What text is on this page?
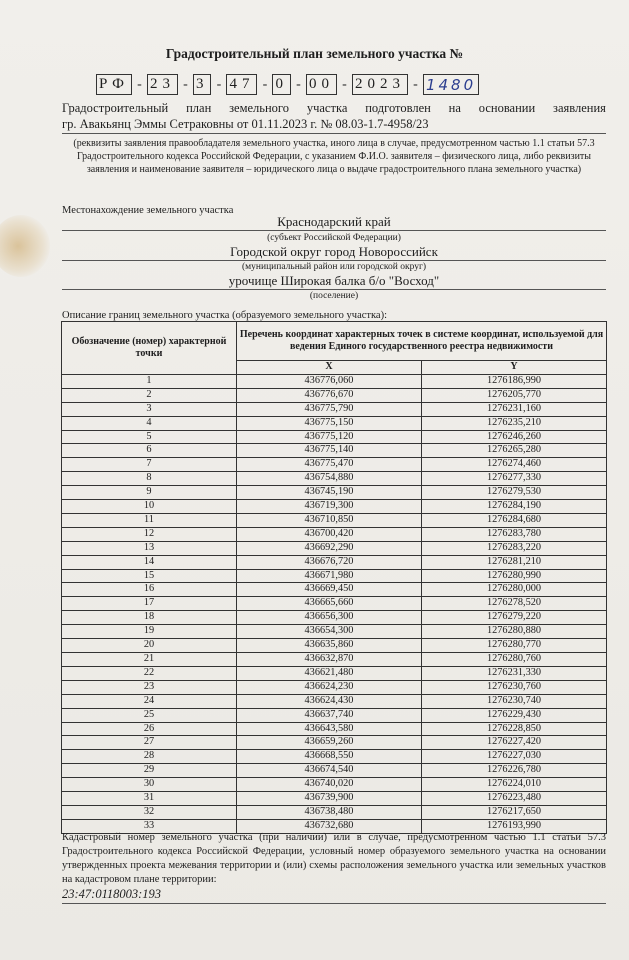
Градостроительный план земельного участка №
РФ - 23 - 3 - 47 - 0 - 00 - 2023 - 1480
Градостроительный план земельного участка подготовлен на основании заявления
гр. Авакьянц Эммы Сетраковны от 01.11.2023 г. № 08.03-1.7-4958/23
(реквизиты заявления правообладателя земельного участка, иного лица в случае, предусмотренном частью 1.1 статьи 57.3 Градостроительного кодекса Российской Федерации, с указанием Ф.И.О. заявителя – физического лица, либо реквизиты заявления и наименование заявителя – юридического лица о выдаче градостроительного плана земельного участка)
Местонахождение земельного участка
Краснодарский край
(субъект Российской Федерации)
Городской округ город Новороссийск
(муниципальный район или городской округ)
урочище Широкая балка б/о "Восход"
(поселение)
Описание границ земельного участка (образуемого земельного участка):
Обозначение (номер) характерной точки	Перечень координат характерных точек в системе координат, используемой для ведения Единого государственного реестра недвижимости	
	X	Y
1	436776,060	1276186,990
2	436776,670	1276205,770
3	436775,790	1276231,160
4	436775,150	1276235,210
5	436775,120	1276246,260
6	436775,140	1276265,280
7	436775,470	1276274,460
8	436754,880	1276277,330
9	436745,190	1276279,530
10	436719,300	1276284,190
11	436710,850	1276284,680
12	436700,420	1276283,780
13	436692,290	1276283,220
14	436676,720	1276281,210
15	436671,980	1276280,990
16	436669,450	1276280,000
17	436665,660	1276278,520
18	436656,300	1276279,220
19	436654,300	1276280,880
20	436635,860	1276280,770
21	436632,870	1276280,760
22	436621,480	1276231,330
23	436624,230	1276230,760
24	436624,430	1276230,740
25	436637,740	1276229,430
26	436643,580	1276228,850
27	436659,260	1276227,420
28	436668,550	1276227,030
29	436674,540	1276226,780
30	436740,020	1276224,010
31	436739,900	1276223,480
32	436738,480	1276217,650
33	436732,680	1276193,990
Кадастровый номер земельного участка (при наличии) или в случае, предусмотренном частью 1.1 статьи 57.3 Градостроительного кодекса Российской Федерации, условный номер образуемого земельного участка на основании утвержденных проекта межевания территории и (или) схемы расположения земельного участка или земельных участков на кадастровом плане территории:
23:47:0118003:193
